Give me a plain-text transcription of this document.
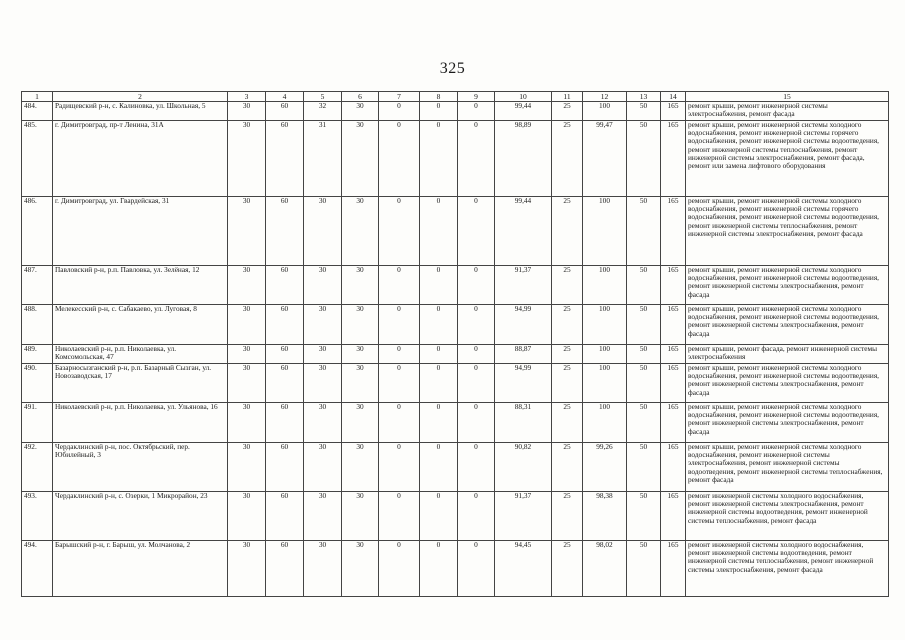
325
1	2	3	4	5	6	7	8	9	10	11	12	13	14	15
484.	Радищевский р-н, с. Калиновка, ул. Школьная, 5	30	60	32	30	0	0	0	99,44	25	100	50	165	ремонт крыши, ремонт инженерной системы электроснабжения, ремонт фасада
485.	г. Димитровград, пр-т Ленина, 31А	30	60	31	30	0	0	0	98,89	25	99,47	50	165	ремонт крыши, ремонт инженерной системы холодного водоснабжения, ремонт инженерной системы горячего водоснабжения, ремонт инженерной системы водоотведения, ремонт инженерной системы теплоснабжения, ремонт инженерной системы электроснабжения, ремонт фасада, ремонт или замена лифтового оборудования
486.	г. Димитровград, ул. Гвардейская, 31	30	60	30	30	0	0	0	99,44	25	100	50	165	ремонт крыши, ремонт инженерной системы холодного водоснабжения, ремонт инженерной системы горячего водоснабжения, ремонт инженерной системы водоотведения, ремонт инженерной системы теплоснабжения, ремонт инженерной системы электроснабжения, ремонт фасада
487.	Павловский р-н, р.п. Павловка, ул. Зелёная, 12	30	60	30	30	0	0	0	91,37	25	100	50	165	ремонт крыши, ремонт инженерной системы холодного водоснабжения, ремонт инженерной системы водоотведения, ремонт инженерной системы электроснабжения, ремонт фасада
488.	Мелекесский р-н, с. Сабакаево, ул. Луговая, 8	30	60	30	30	0	0	0	94,99	25	100	50	165	ремонт крыши, ремонт инженерной системы холодного водоснабжения, ремонт инженерной системы водоотведения, ремонт инженерной системы электроснабжения, ремонт фасада
489.	Николаевский р-н, р.п. Николаевка, ул. Комсомольская, 47	30	60	30	30	0	0	0	88,87	25	100	50	165	ремонт крыши, ремонт фасада, ремонт инженерной системы электроснабжения
490.	Базарносызганский р-н, р.п. Базарный Сызган, ул. Новозаводская, 17	30	60	30	30	0	0	0	94,99	25	100	50	165	ремонт крыши, ремонт инженерной системы холодного водоснабжения, ремонт инженерной системы водоотведения, ремонт инженерной системы электроснабжения, ремонт фасада
491.	Николаевский р-н, р.п. Николаевка, ул. Ульянова, 16	30	60	30	30	0	0	0	88,31	25	100	50	165	ремонт крыши, ремонт инженерной системы холодного водоснабжения, ремонт инженерной системы водоотведения, ремонт инженерной системы электроснабжения, ремонт фасада
492.	Чердаклинский р-н, пос. Октябрьский, пер. Юбилейный, 3	30	60	30	30	0	0	0	90,82	25	99,26	50	165	ремонт крыши, ремонт инженерной системы холодного водоснабжения, ремонт инженерной системы электроснабжения, ремонт инженерной системы водоотведения, ремонт инженерной системы теплоснабжения, ремонт фасада
493.	Чердаклинский р-н, с. Озерки, 1 Микрорайон, 23	30	60	30	30	0	0	0	91,37	25	98,38	50	165	ремонт инженерной системы холодного водоснабжения, ремонт инженерной системы электроснабжения, ремонт инженерной системы водоотведения, ремонт инженерной системы теплоснабжения, ремонт фасада
494.	Барышский р-н, г. Барыш, ул. Молчанова, 2	30	60	30	30	0	0	0	94,45	25	98,02	50	165	ремонт инженерной системы холодного водоснабжения, ремонт инженерной системы водоотведения, ремонт инженерной системы теплоснабжения, ремонт инженерной системы электроснабжения, ремонт фасада
